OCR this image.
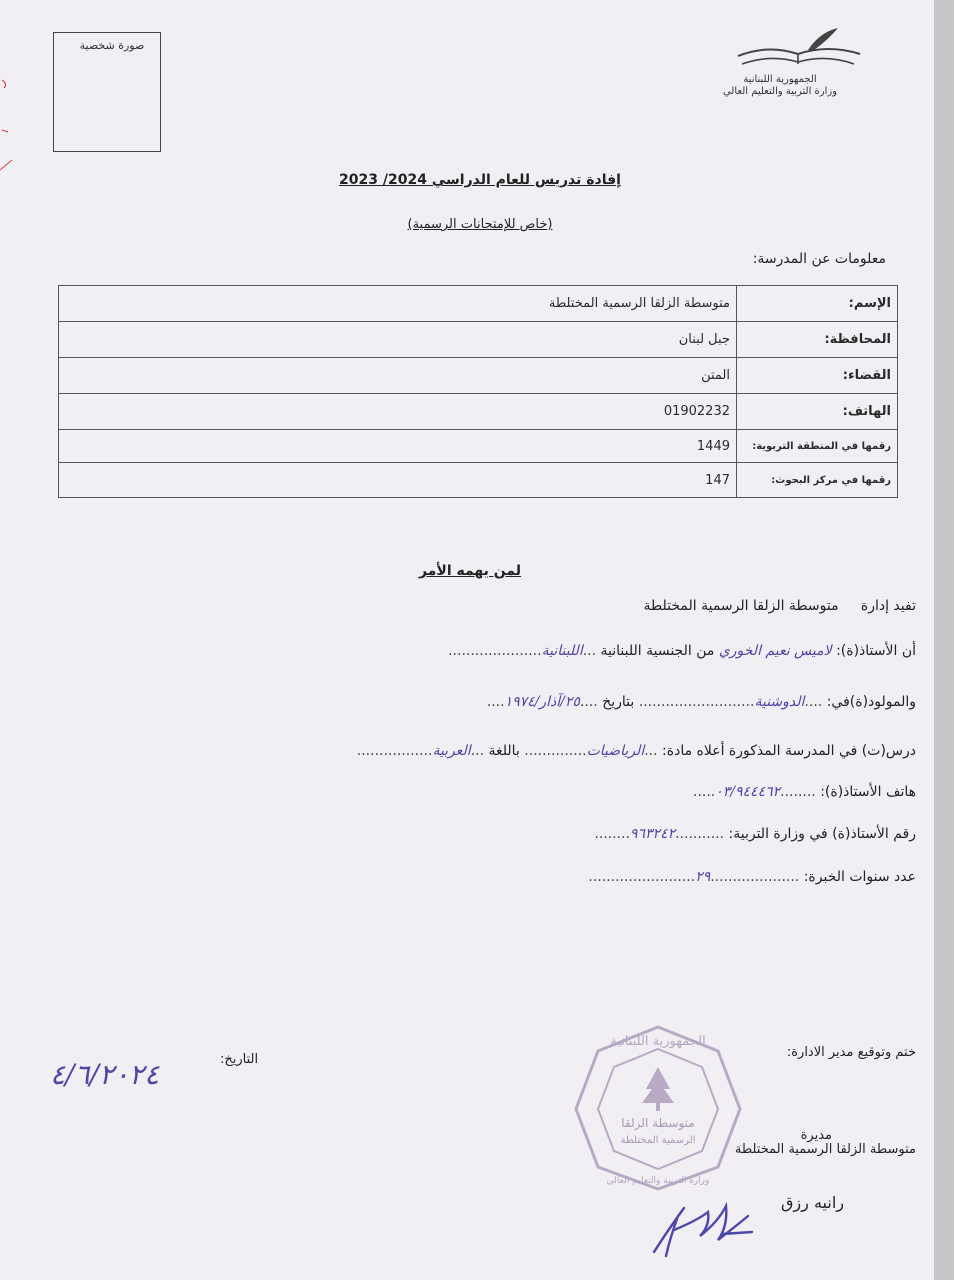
صورة شخصية
الجمهورية اللبنانية
وزارة التربية والتعليم العالي
إفادة تدريس للعام الدراسي 2024/ 2023
(خاص للإمتحانات الرسمية)
معلومات عن المدرسة:
الإسم:	متوسطة الزلقا الرسمية المختلطة
المحافظة:	جبل لبنان
القضاء:	المتن
الهاتف:	01902232
رقمها في المنطقة التربوية:	1449
رقمها في مركز البحوث:	147
لمن يهمه الأمر
تفيد إدارة     متوسطة الزلقا الرسمية المختلطة
أن الأستاذ(ة): لاميس نعيم الخوري من الجنسية اللبنانية ...اللبنانية.....................
والمولود(ة)في: ....الدوشنية.......................... بتاريخ ....٢٥/آذار/١٩٧٤....
درس(ت) في المدرسة المذكورة أعلاه مادة: ...الرياضيات.............. باللغة ...العربية.................
هاتف الأستاذ(ة): ........٠٣/٩٤٤٤٦٢.....
رقم الأستاذ(ة) في وزارة التربية: ...........٩٦٣٢٤٢........
عدد سنوات الخبرة: ....................٢٩........................
ختم وتوقيع مدير الادارة:
التاريخ:
٤/٦/٢٠٢٤
الجمهورية اللبنانية
متوسطة الزلقا
الرسمية المختلطة
وزارة التربية والتعليم العالي
مديرة
متوسطة الزلقا الرسمية المختلطة
رانيه رزق
